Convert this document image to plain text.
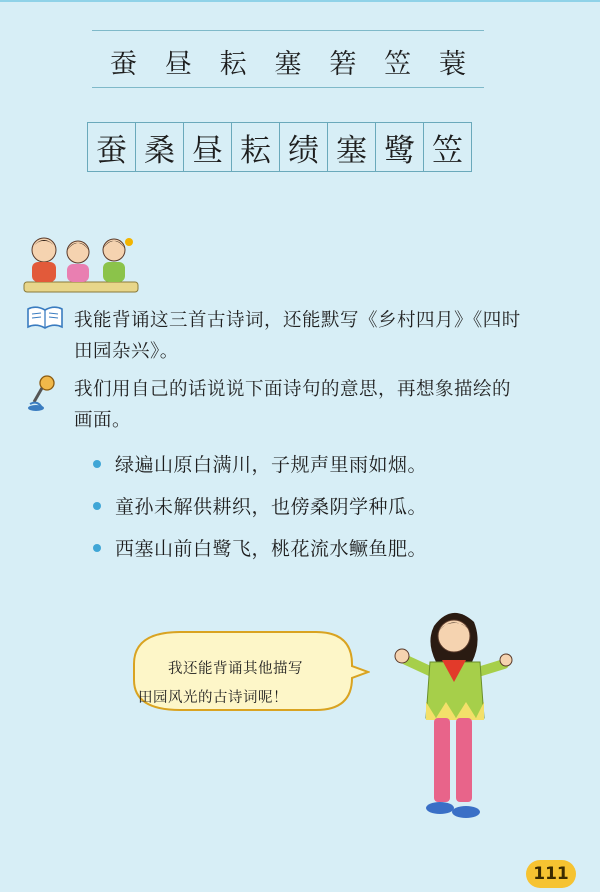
蚕 昼 耘 塞 箬 笠 蓑
蚕 桑 昼 耘 绩 塞 鹭 笠
我能背诵这三首古诗词，还能默写《乡村四月》《四时
田园杂兴》。
我们用自己的话说说下面诗句的意思，再想象描绘的
画面。
绿遍山原白满川，子规声里雨如烟。
童孙未解供耕织，也傍桑阴学种瓜。
西塞山前白鹭飞，桃花流水鳜鱼肥。
我还能背诵其他描写
田园风光的古诗词呢！
111
